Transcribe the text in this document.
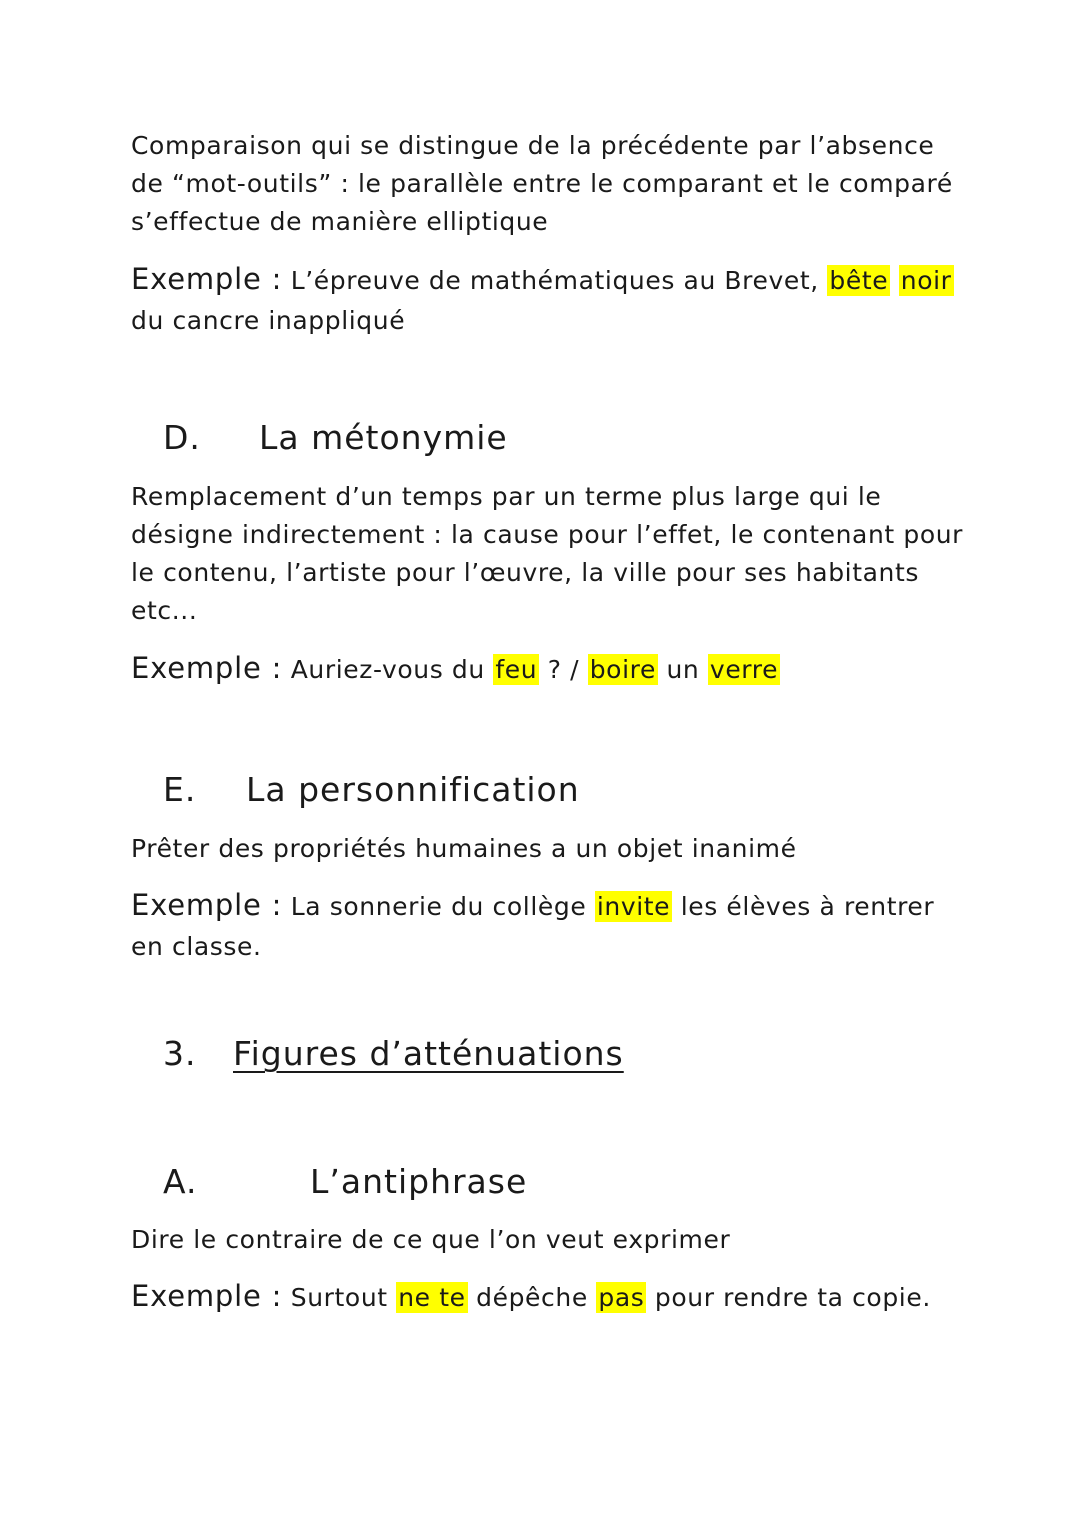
Comparaison qui se distingue de la précédente par l’absence de “mot-outils” : le parallèle entre le comparant et le comparé s’effectue de manière elliptique

Exemple : L’épreuve de mathématiques au Brevet, bête noir du cancre inappliqué

D. La métonymie

Remplacement d’un temps par un terme plus large qui le désigne indirectement : la cause pour l’effet, le contenant pour le contenu, l’artiste pour l’œuvre, la ville pour ses habitants etc...

Exemple : Auriez-vous du feu ? / boire un verre

E. La personnification

Prêter des propriétés humaines a un objet inanimé

Exemple : La sonnerie du collège invite les élèves à rentrer en classe.

3. Figures d’atténuations
A.	L’antiphrase

Dire le contraire de ce que l’on veut exprimer

Exemple : Surtout ne te dépêche pas pour rendre ta copie.
